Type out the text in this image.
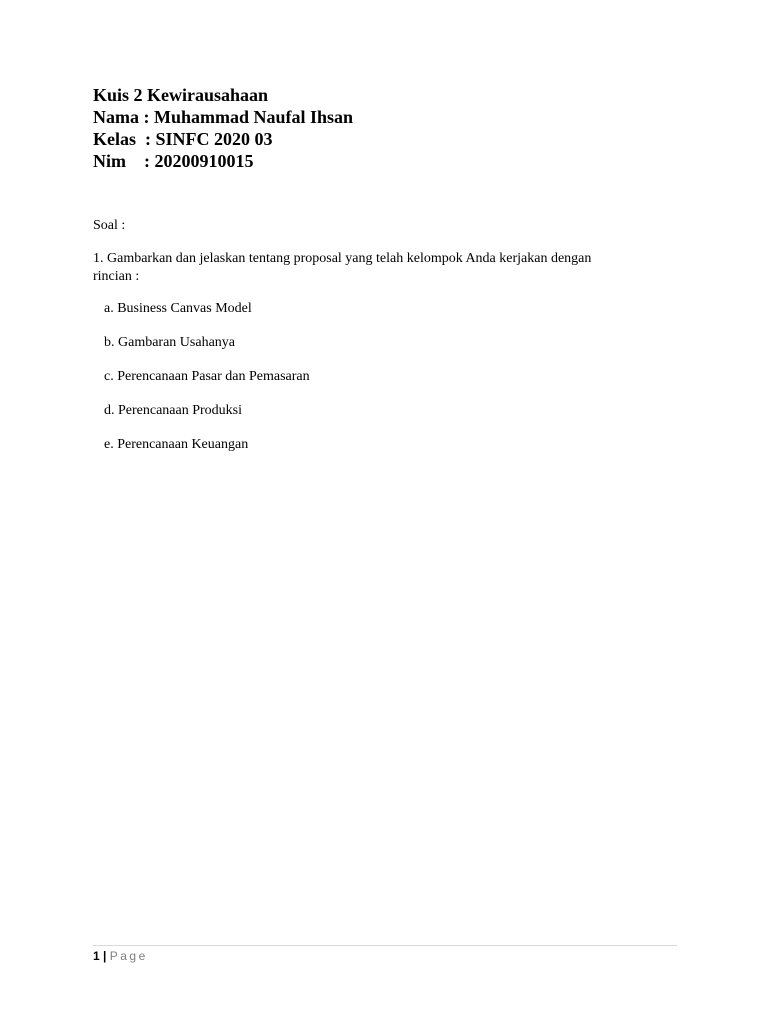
Kuis 2 Kewirausahaan
Nama : Muhammad Naufal Ihsan
Kelas  : SINFC 2020 03
Nim    : 20200910015
Soal :
1. Gambarkan dan jelaskan tentang proposal yang telah kelompok Anda kerjakan dengan
rincian :
a. Business Canvas Model
b. Gambaran Usahanya
c. Perencanaan Pasar dan Pemasaran
d. Perencanaan Produksi
e. Perencanaan Keuangan
1 | Page
